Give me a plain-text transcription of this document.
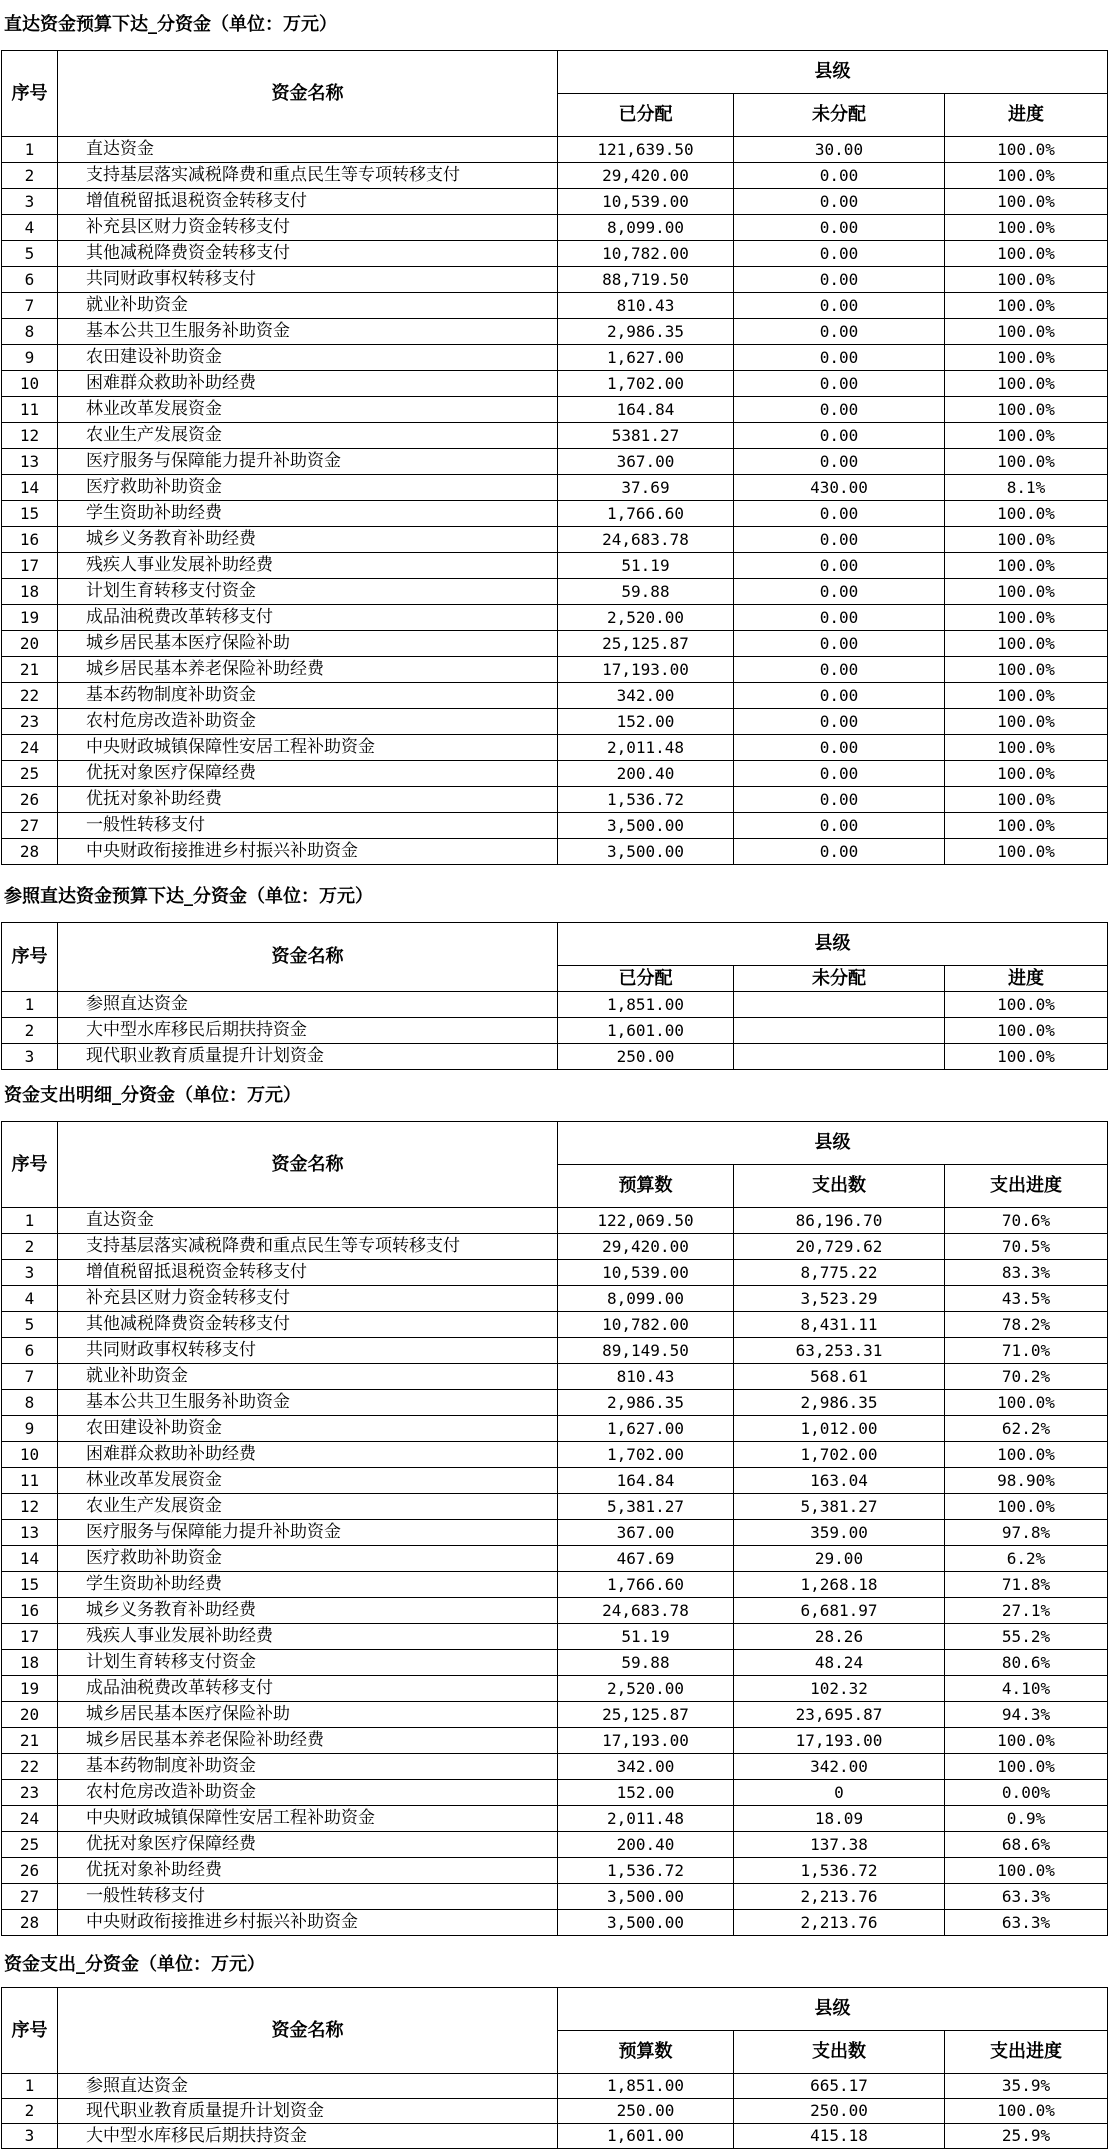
直达资金预算下达_分资金（单位：万元）
序号	资金名称	县级		
		已分配	未分配	进度
1	直达资金	121,639.50	30.00	100.0%
2	支持基层落实减税降费和重点民生等专项转移支付	29,420.00	0.00	100.0%
3	增值税留抵退税资金转移支付	10,539.00	0.00	100.0%
4	补充县区财力资金转移支付	8,099.00	0.00	100.0%
5	其他减税降费资金转移支付	10,782.00	0.00	100.0%
6	共同财政事权转移支付	88,719.50	0.00	100.0%
7	就业补助资金	810.43	0.00	100.0%
8	基本公共卫生服务补助资金	2,986.35	0.00	100.0%
9	农田建设补助资金	1,627.00	0.00	100.0%
10	困难群众救助补助经费	1,702.00	0.00	100.0%
11	林业改革发展资金	164.84	0.00	100.0%
12	农业生产发展资金	5381.27	0.00	100.0%
13	医疗服务与保障能力提升补助资金	367.00	0.00	100.0%
14	医疗救助补助资金	37.69	430.00	8.1%
15	学生资助补助经费	1,766.60	0.00	100.0%
16	城乡义务教育补助经费	24,683.78	0.00	100.0%
17	残疾人事业发展补助经费	51.19	0.00	100.0%
18	计划生育转移支付资金	59.88	0.00	100.0%
19	成品油税费改革转移支付	2,520.00	0.00	100.0%
20	城乡居民基本医疗保险补助	25,125.87	0.00	100.0%
21	城乡居民基本养老保险补助经费	17,193.00	0.00	100.0%
22	基本药物制度补助资金	342.00	0.00	100.0%
23	农村危房改造补助资金	152.00	0.00	100.0%
24	中央财政城镇保障性安居工程补助资金	2,011.48	0.00	100.0%
25	优抚对象医疗保障经费	200.40	0.00	100.0%
26	优抚对象补助经费	1,536.72	0.00	100.0%
27	一般性转移支付	3,500.00	0.00	100.0%
28	中央财政衔接推进乡村振兴补助资金	3,500.00	0.00	100.0%
参照直达资金预算下达_分资金（单位：万元）
序号	资金名称	县级		
		已分配	未分配	进度
1	参照直达资金	1,851.00		100.0%
2	大中型水库移民后期扶持资金	1,601.00		100.0%
3	现代职业教育质量提升计划资金	250.00		100.0%
资金支出明细_分资金（单位：万元）
序号	资金名称	县级		
		预算数	支出数	支出进度
1	直达资金	122,069.50	86,196.70	70.6%
2	支持基层落实减税降费和重点民生等专项转移支付	29,420.00	20,729.62	70.5%
3	增值税留抵退税资金转移支付	10,539.00	8,775.22	83.3%
4	补充县区财力资金转移支付	8,099.00	3,523.29	43.5%
5	其他减税降费资金转移支付	10,782.00	8,431.11	78.2%
6	共同财政事权转移支付	89,149.50	63,253.31	71.0%
7	就业补助资金	810.43	568.61	70.2%
8	基本公共卫生服务补助资金	2,986.35	2,986.35	100.0%
9	农田建设补助资金	1,627.00	1,012.00	62.2%
10	困难群众救助补助经费	1,702.00	1,702.00	100.0%
11	林业改革发展资金	164.84	163.04	98.90%
12	农业生产发展资金	5,381.27	5,381.27	100.0%
13	医疗服务与保障能力提升补助资金	367.00	359.00	97.8%
14	医疗救助补助资金	467.69	29.00	6.2%
15	学生资助补助经费	1,766.60	1,268.18	71.8%
16	城乡义务教育补助经费	24,683.78	6,681.97	27.1%
17	残疾人事业发展补助经费	51.19	28.26	55.2%
18	计划生育转移支付资金	59.88	48.24	80.6%
19	成品油税费改革转移支付	2,520.00	102.32	4.10%
20	城乡居民基本医疗保险补助	25,125.87	23,695.87	94.3%
21	城乡居民基本养老保险补助经费	17,193.00	17,193.00	100.0%
22	基本药物制度补助资金	342.00	342.00	100.0%
23	农村危房改造补助资金	152.00	0	0.00%
24	中央财政城镇保障性安居工程补助资金	2,011.48	18.09	0.9%
25	优抚对象医疗保障经费	200.40	137.38	68.6%
26	优抚对象补助经费	1,536.72	1,536.72	100.0%
27	一般性转移支付	3,500.00	2,213.76	63.3%
28	中央财政衔接推进乡村振兴补助资金	3,500.00	2,213.76	63.3%
资金支出_分资金（单位：万元）
序号	资金名称	县级		
		预算数	支出数	支出进度
1	参照直达资金	1,851.00	665.17	35.9%
2	现代职业教育质量提升计划资金	250.00	250.00	100.0%
3	大中型水库移民后期扶持资金	1,601.00	415.18	25.9%
